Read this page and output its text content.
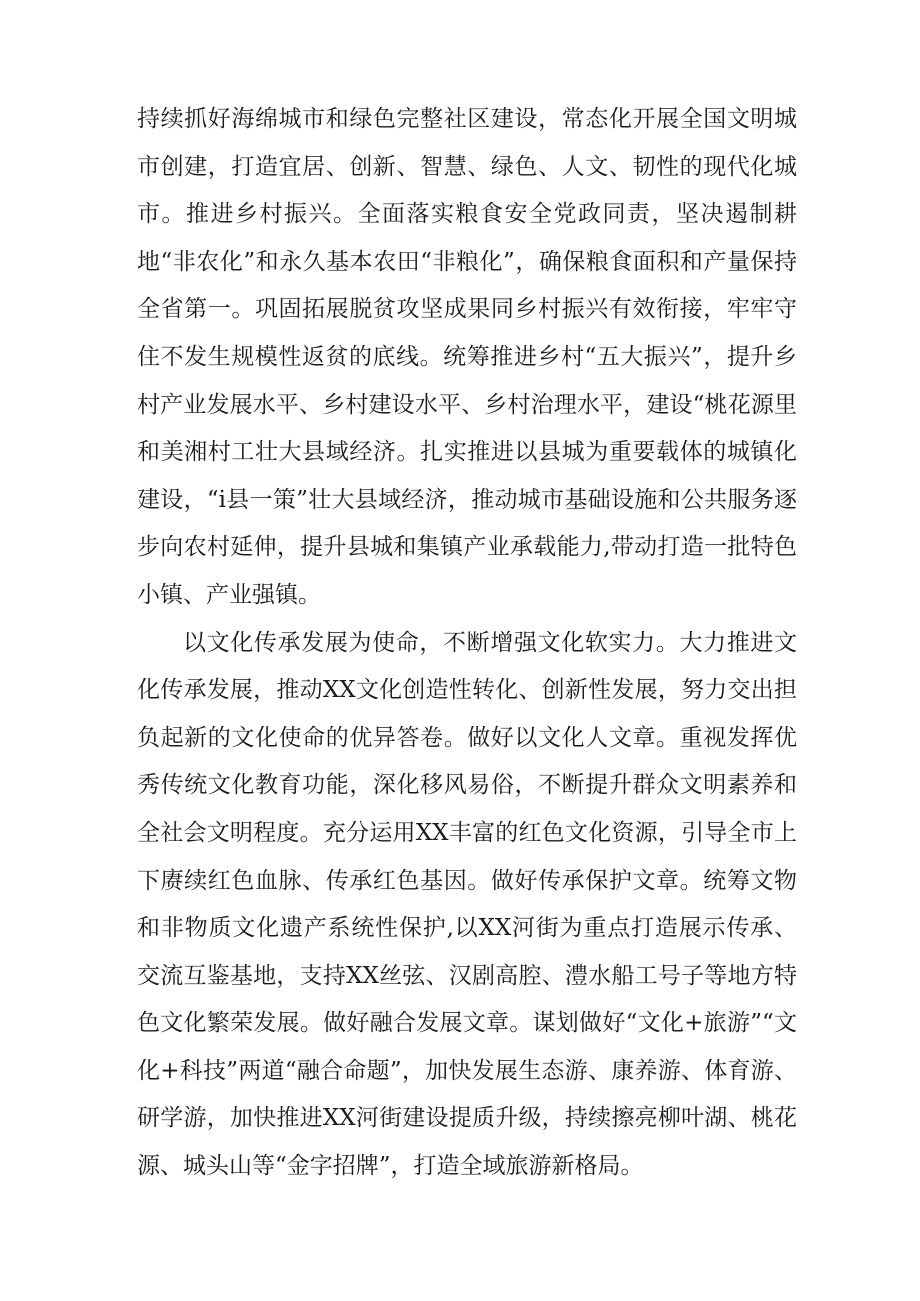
持续抓好海绵城市和绿色完整社区建设，常态化开展全国文明城市创建，打造宜居、创新、智慧、绿色、人文、韧性的现代化城市。推进乡村振兴。全面落实粮食安全党政同责，坚决遏制耕地“非农化”和永久基本农田“非粮化”，确保粮食面积和产量保持全省第一。巩固拓展脱贫攻坚成果同乡村振兴有效衔接，牢牢守住不发生规模性返贫的底线。统筹推进乡村“五大振兴”，提升乡村产业发展水平、乡村建设水平、乡村治理水平，建设“桃花源里和美湘村工壮大县域经济。扎实推进以县城为重要载体的城镇化建设，“i县一策”壮大县域经济，推动城市基础设施和公共服务逐步向农村延伸，提升县城和集镇产业承载能力,带动打造一批特色小镇、产业强镇。

以文化传承发展为使命，不断增强文化软实力。大力推进文化传承发展，推动XX文化创造性转化、创新性发展，努力交出担负起新的文化使命的优异答卷。做好以文化人文章。重视发挥优秀传统文化教育功能，深化移风易俗，不断提升群众文明素养和全社会文明程度。充分运用XX丰富的红色文化资源，引导全市上下赓续红色血脉、传承红色基因。做好传承保护文章。统筹文物和非物质文化遗产系统性保护,以XX河街为重点打造展示传承、交流互鉴基地，支持XX丝弦、汉剧高腔、澧水船工号子等地方特色文化繁荣发展。做好融合发展文章。谋划做好“文化+旅游”“文化+科技”两道“融合命题”，加快发展生态游、康养游、体育游、研学游，加快推进XX河街建设提质升级，持续擦亮柳叶湖、桃花源、城头山等“金字招牌”，打造全域旅游新格局。
